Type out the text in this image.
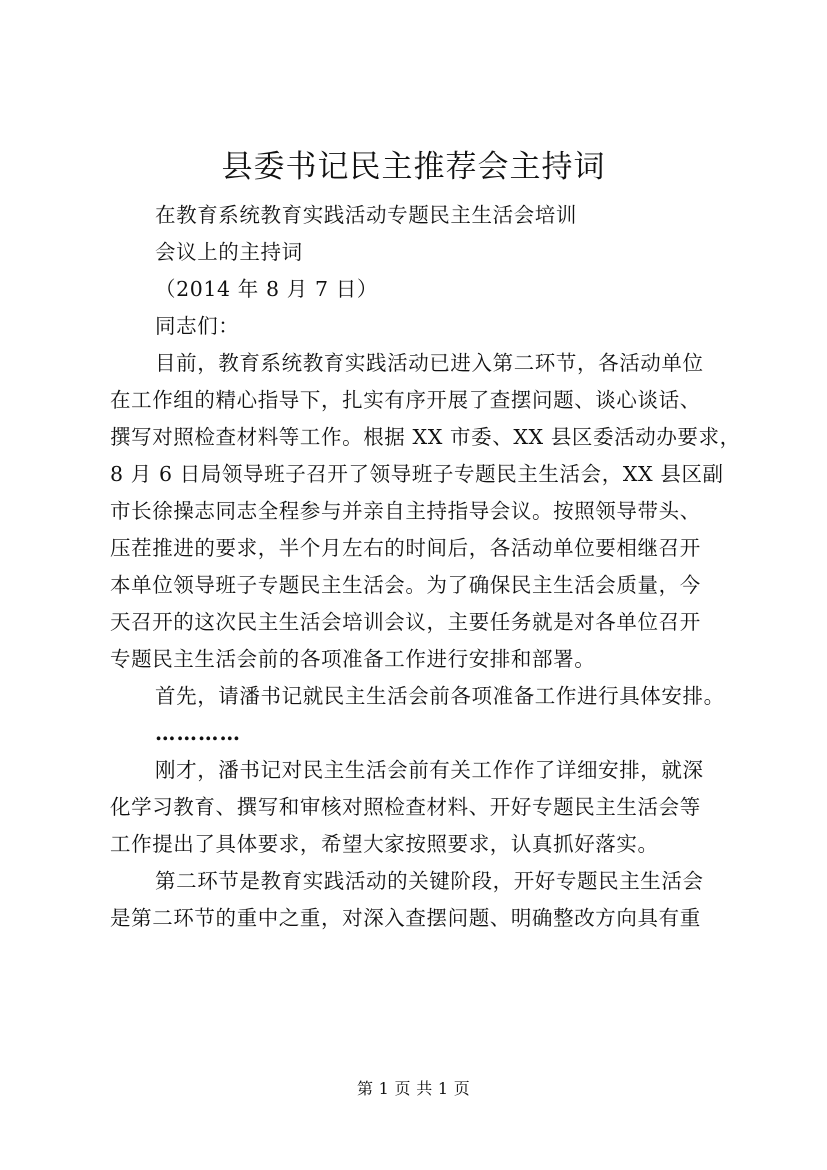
县委书记民主推荐会主持词
在教育系统教育实践活动专题民主生活会培训
会议上的主持词
（2014 年 8 月 7 日）
同志们：
目前，教育系统教育实践活动已进入第二环节，各活动单位
在工作组的精心指导下，扎实有序开展了查摆问题、谈心谈话、
撰写对照检查材料等工作。根据 XX 市委、XX 县区委活动办要求，
8 月 6 日局领导班子召开了领导班子专题民主生活会，XX 县区副
市长徐操志同志全程参与并亲自主持指导会议。按照领导带头、
压茬推进的要求，半个月左右的时间后，各活动单位要相继召开
本单位领导班子专题民主生活会。为了确保民主生活会质量，今
天召开的这次民主生活会培训会议，主要任务就是对各单位召开
专题民主生活会前的各项准备工作进行安排和部署。
首先，请潘书记就民主生活会前各项准备工作进行具体安排。
…………
刚才，潘书记对民主生活会前有关工作作了详细安排，就深
化学习教育、撰写和审核对照检查材料、开好专题民主生活会等
工作提出了具体要求，希望大家按照要求，认真抓好落实。
第二环节是教育实践活动的关键阶段，开好专题民主生活会
是第二环节的重中之重，对深入查摆问题、明确整改方向具有重
第 1 页 共 1 页
